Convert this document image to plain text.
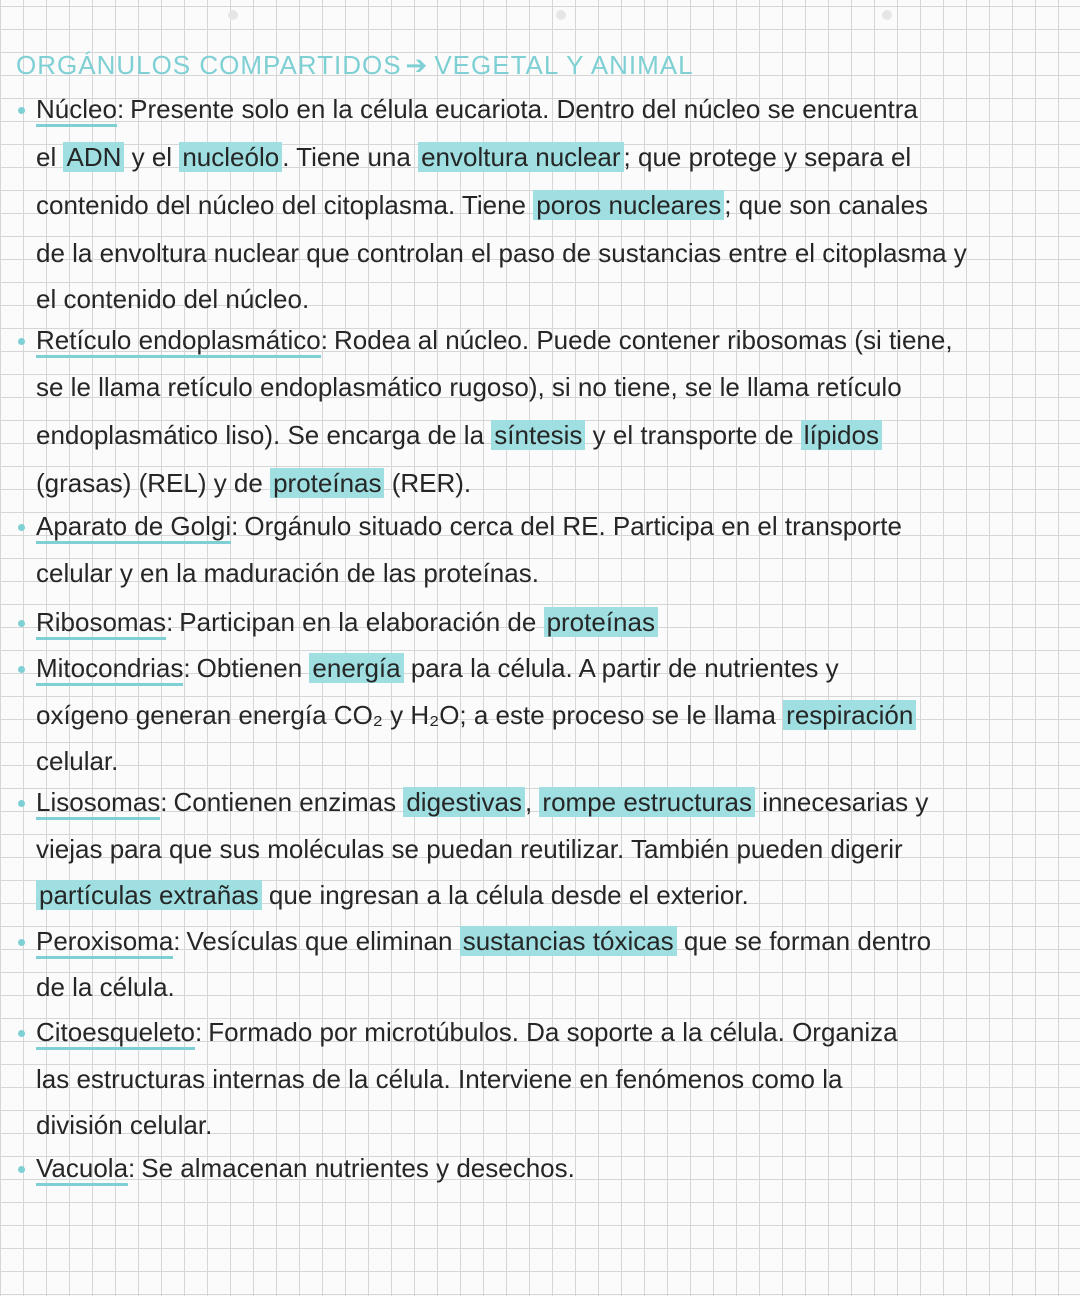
ORGÁNULOS COMPARTIDOS ➔ VEGETAL Y ANIMAL
Núcleo: Presente solo en la célula eucariota. Dentro del núcleo se encuentra
el ADN y el nucleólo . Tiene una envoltura nuclear ; que protege y separa el
contenido del núcleo del citoplasma. Tiene poros nucleares ; que son canales
de la envoltura nuclear que controlan el paso de sustancias entre el citoplasma y
el contenido del núcleo.
Retículo endoplasmático: Rodea al núcleo. Puede contener ribosomas (si tiene,
se le llama retículo endoplasmático rugoso), si no tiene, se le llama retículo
endoplasmático liso). Se encarga de la síntesis y el transporte de lípidos
(grasas) (REL) y de proteínas (RER).
Aparato de Golgi: Orgánulo situado cerca del RE. Participa en el transporte
celular y en la maduración de las proteínas.
Ribosomas: Participan en la elaboración de proteínas
Mitocondrias: Obtienen energía para la célula. A partir de nutrientes y
oxígeno generan energía CO₂ y H₂O; a este proceso se le llama respiración
celular.
Lisosomas: Contienen enzimas digestivas , rompe estructuras innecesarias y
viejas para que sus moléculas se puedan reutilizar. También pueden digerir
partículas extrañas que ingresan a la célula desde el exterior.
Peroxisoma: Vesículas que eliminan sustancias tóxicas que se forman dentro
de la célula.
Citoesqueleto: Formado por microtúbulos. Da soporte a la célula. Organiza
las estructuras internas de la célula. Interviene en fenómenos como la
división celular.
Vacuola: Se almacenan nutrientes y desechos.
